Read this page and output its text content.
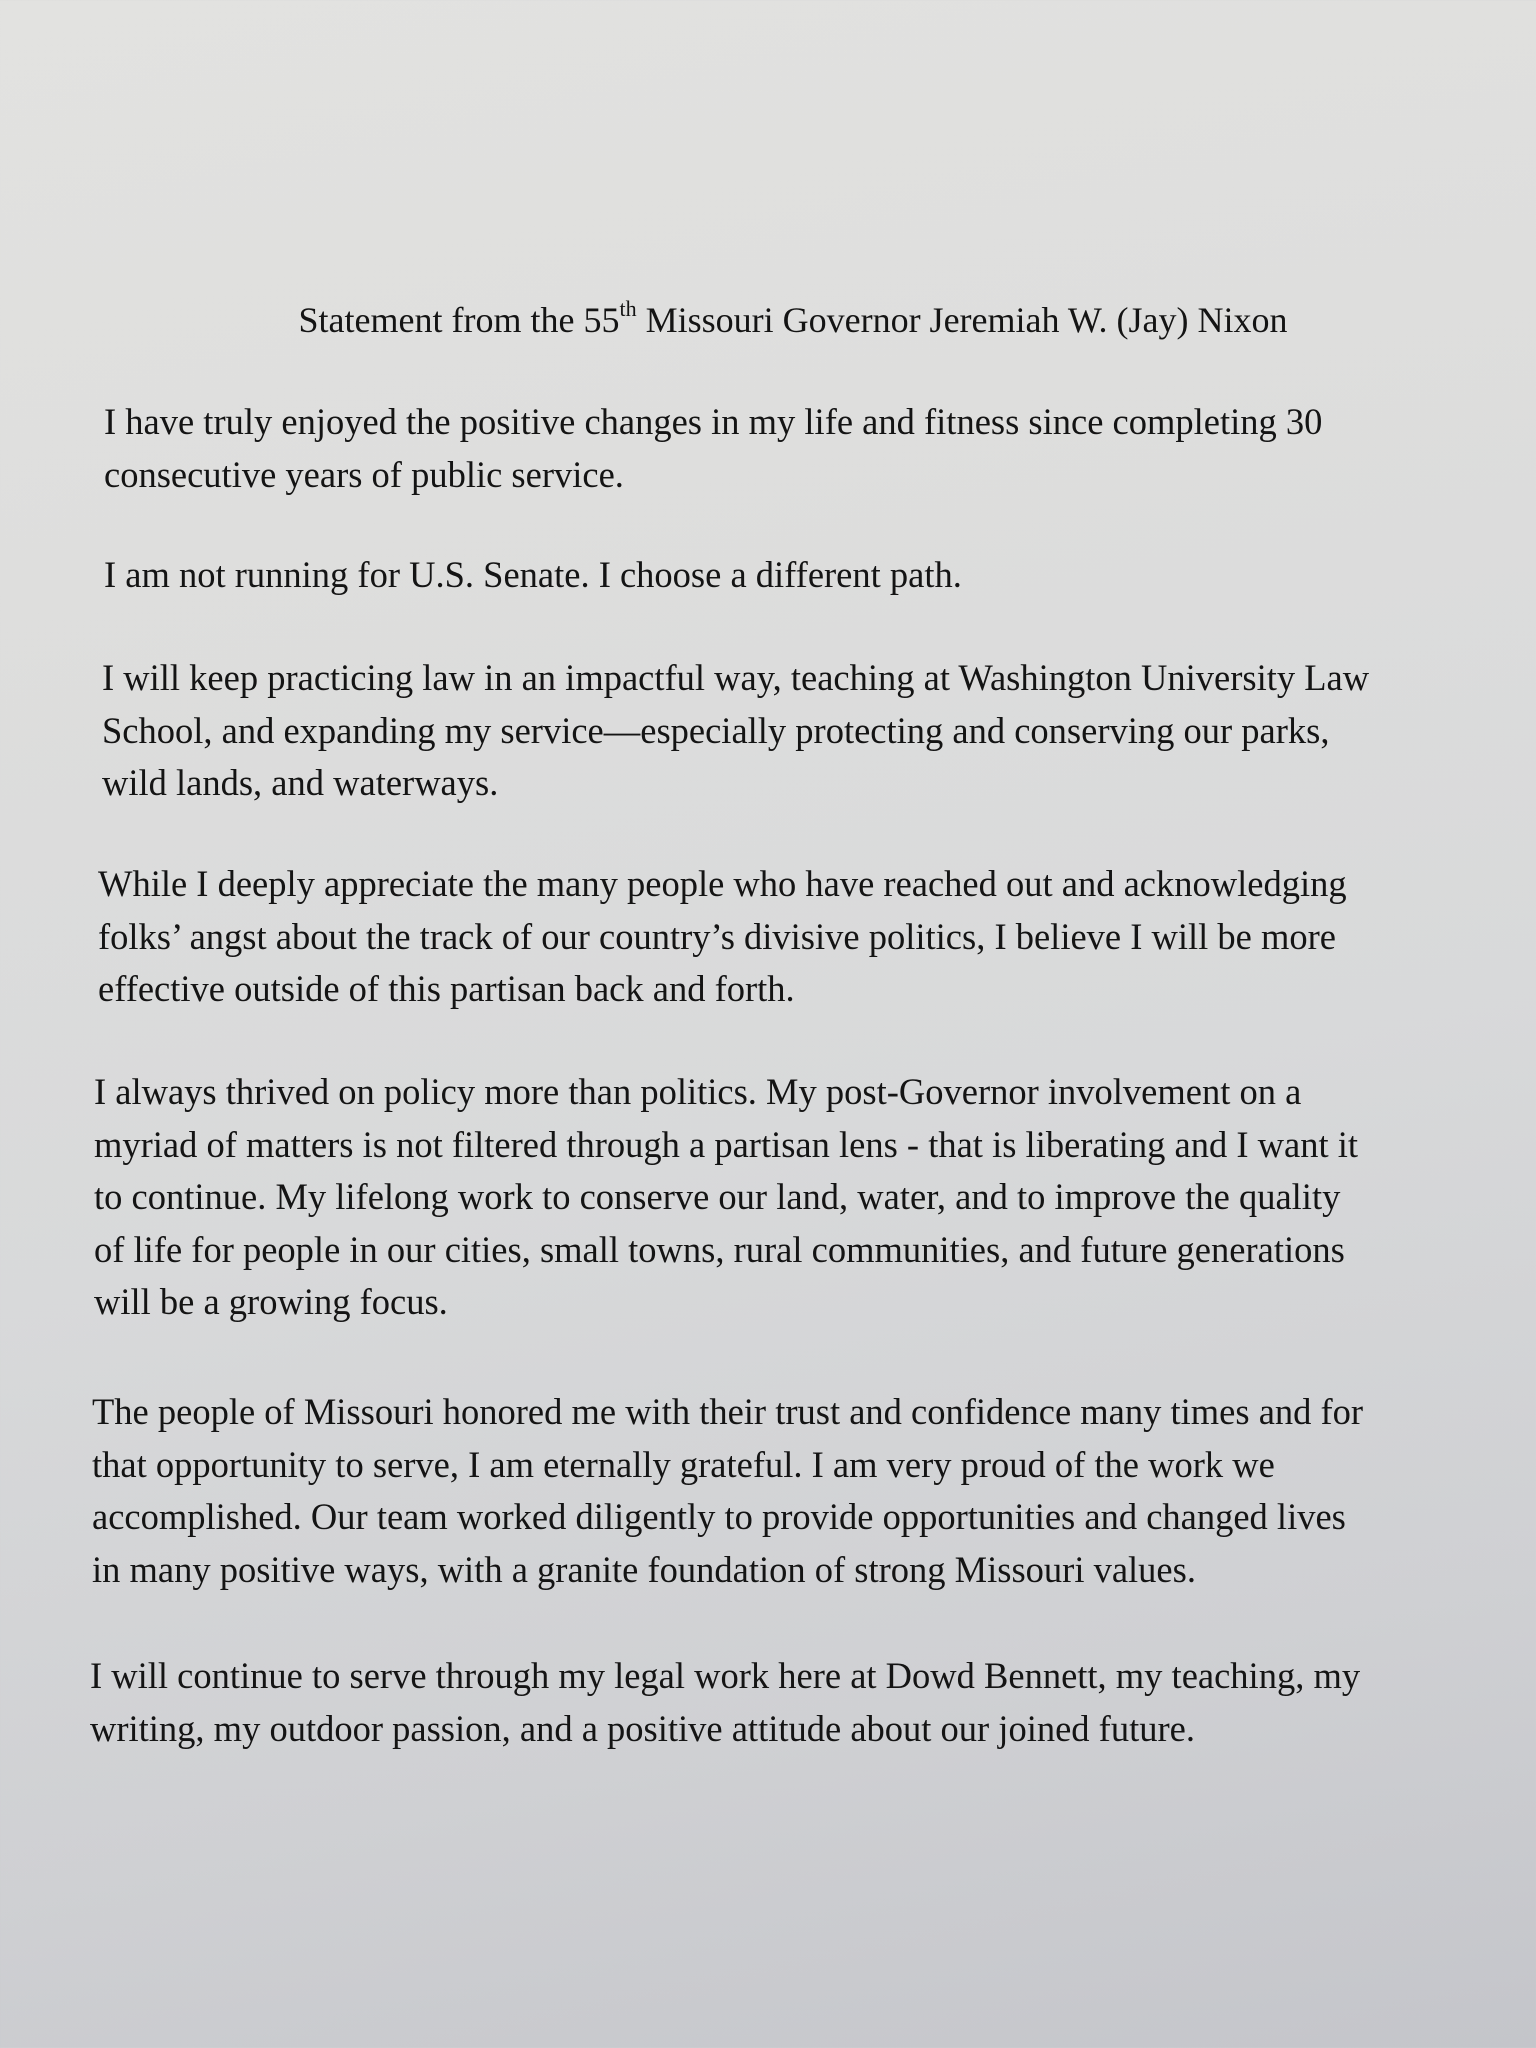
Statement from the 55th Missouri Governor Jeremiah W. (Jay) Nixon

I have truly enjoyed the positive changes in my life and fitness since completing 30
consecutive years of public service.

I am not running for U.S. Senate. I choose a different path.

I will keep practicing law in an impactful way, teaching at Washington University Law
School, and expanding my service—especially protecting and conserving our parks,
wild lands, and waterways.

While I deeply appreciate the many people who have reached out and acknowledging
folks’ angst about the track of our country’s divisive politics, I believe I will be more
effective outside of this partisan back and forth.

I always thrived on policy more than politics. My post-Governor involvement on a
myriad of matters is not filtered through a partisan lens - that is liberating and I want it
to continue. My lifelong work to conserve our land, water, and to improve the quality
of life for people in our cities, small towns, rural communities, and future generations
will be a growing focus.

The people of Missouri honored me with their trust and confidence many times and for
that opportunity to serve, I am eternally grateful. I am very proud of the work we
accomplished. Our team worked diligently to provide opportunities and changed lives
in many positive ways, with a granite foundation of strong Missouri values.

I will continue to serve through my legal work here at Dowd Bennett, my teaching, my
writing, my outdoor passion, and a positive attitude about our joined future.
